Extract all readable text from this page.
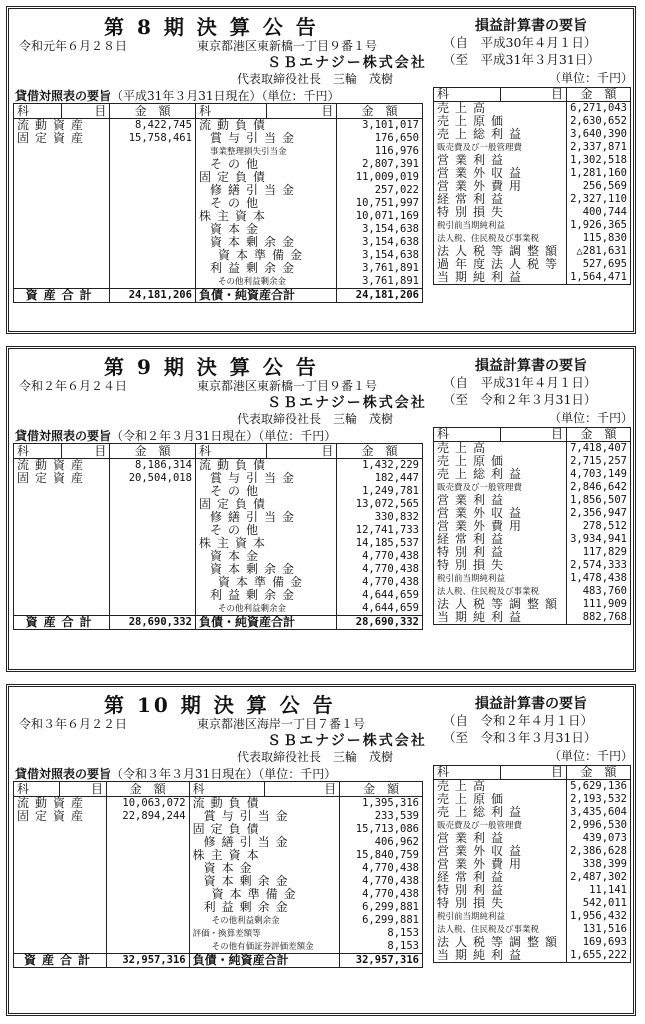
第 8 期 決 算 公 告
令和元年６月２８日	東京都港区東新橋一丁目９番１号
ＳＢエナジー株式会社
代表取締役社長　三輪　茂樹
貸借対照表の要旨（平成31年３月31日現在）（単位：千円）
科	目	金　額	科	目	金　額
流動資産		8,422,745	流動負債		3,101,017
固定資産		15,758,461	賞与引当金		176,650
			事業整理損失引当金		116,976
			その他		2,807,391
			固定負債		11,009,019
			修繕引当金		257,022
			その他		10,751,997
			株主資本		10,071,169
			資本金		3,154,638
			資本剰余金		3,154,638
			資本準備金		3,154,638
			利益剰余金		3,761,891
			その他利益剰余金		3,761,891
資産合計		24,181,206	負債・純資産合計		24,181,206
損益計算書の要旨
（自　平成30年４月１日）
（至　平成31年３月31日）
科	目	金　額
売上高		6,271,043
売上原価		2,630,652
売上総利益		3,640,390
販売費及び一般管理費		2,337,871
営業利益		1,302,518
営業外収益		1,281,160
営業外費用		256,569
経常利益		2,327,110
特別損失		400,744
税引前当期純利益		1,926,365
法人税、住民税及び事業税		115,830
法人税等調整額		△281,631
過年度法人税等		527,695
当期純利益		1,564,471
（単位：千円）
第 9 期 決 算 公 告
令和２年６月２４日	東京都港区東新橋一丁目９番１号
ＳＢエナジー株式会社
代表取締役社長　三輪　茂樹
貸借対照表の要旨（令和２年３月31日現在）（単位：千円）
科	目	金　額	科	目	金　額
流動資産		8,186,314	流動負債		1,432,229
固定資産		20,504,018	賞与引当金		182,447
			その他		1,249,781
			固定負債		13,072,565
			修繕引当金		330,832
			その他		12,741,733
			株主資本		14,185,537
			資本金		4,770,438
			資本剰余金		4,770,438
			資本準備金		4,770,438
			利益剰余金		4,644,659
			その他利益剰余金		4,644,659
資産合計		28,690,332	負債・純資産合計		28,690,332
損益計算書の要旨
（自　平成31年４月１日）
（至　令和２年３月31日）
科	目	金　額
売上高		7,418,407
売上原価		2,715,257
売上総利益		4,703,149
販売費及び一般管理費		2,846,642
営業利益		1,856,507
営業外収益		2,356,947
営業外費用		278,512
経常利益		3,934,941
特別利益		117,829
特別損失		2,574,333
税引前当期純利益		1,478,438
法人税、住民税及び事業税		483,760
法人税等調整額		111,909
当期純利益		882,768
（単位：千円）
第 10 期 決 算 公 告
令和３年６月２２日	東京都港区海岸一丁目７番１号
ＳＢエナジー株式会社
代表取締役社長　三輪　茂樹
貸借対照表の要旨（令和３年３月31日現在）（単位：千円）
科	目	金　額	科	目	金　額
流動資産		10,063,072	流動負債		1,395,316
固定資産		22,894,244	賞与引当金		233,539
			固定負債		15,713,086
			修繕引当金		406,962
			株主資本		15,840,759
			資本金		4,770,438
			資本剰余金		4,770,438
			資本準備金		4,770,438
			利益剰余金		6,299,881
			その他利益剰余金		6,299,881
			評価・換算差額等		8,153
			その他有価証券評価差額金		8,153
資産合計		32,957,316	負債・純資産合計		32,957,316
損益計算書の要旨
（自　令和２年４月１日）
（至　令和３年３月31日）
科	目	金　額
売上高		5,629,136
売上原価		2,193,532
売上総利益		3,435,604
販売費及び一般管理費		2,996,530
営業利益		439,073
営業外収益		2,386,628
営業外費用		338,399
経常利益		2,487,302
特別利益		11,141
特別損失		542,011
税引前当期純利益		1,956,432
法人税、住民税及び事業税		131,516
法人税等調整額		169,693
当期純利益		1,655,222
（単位：千円）
